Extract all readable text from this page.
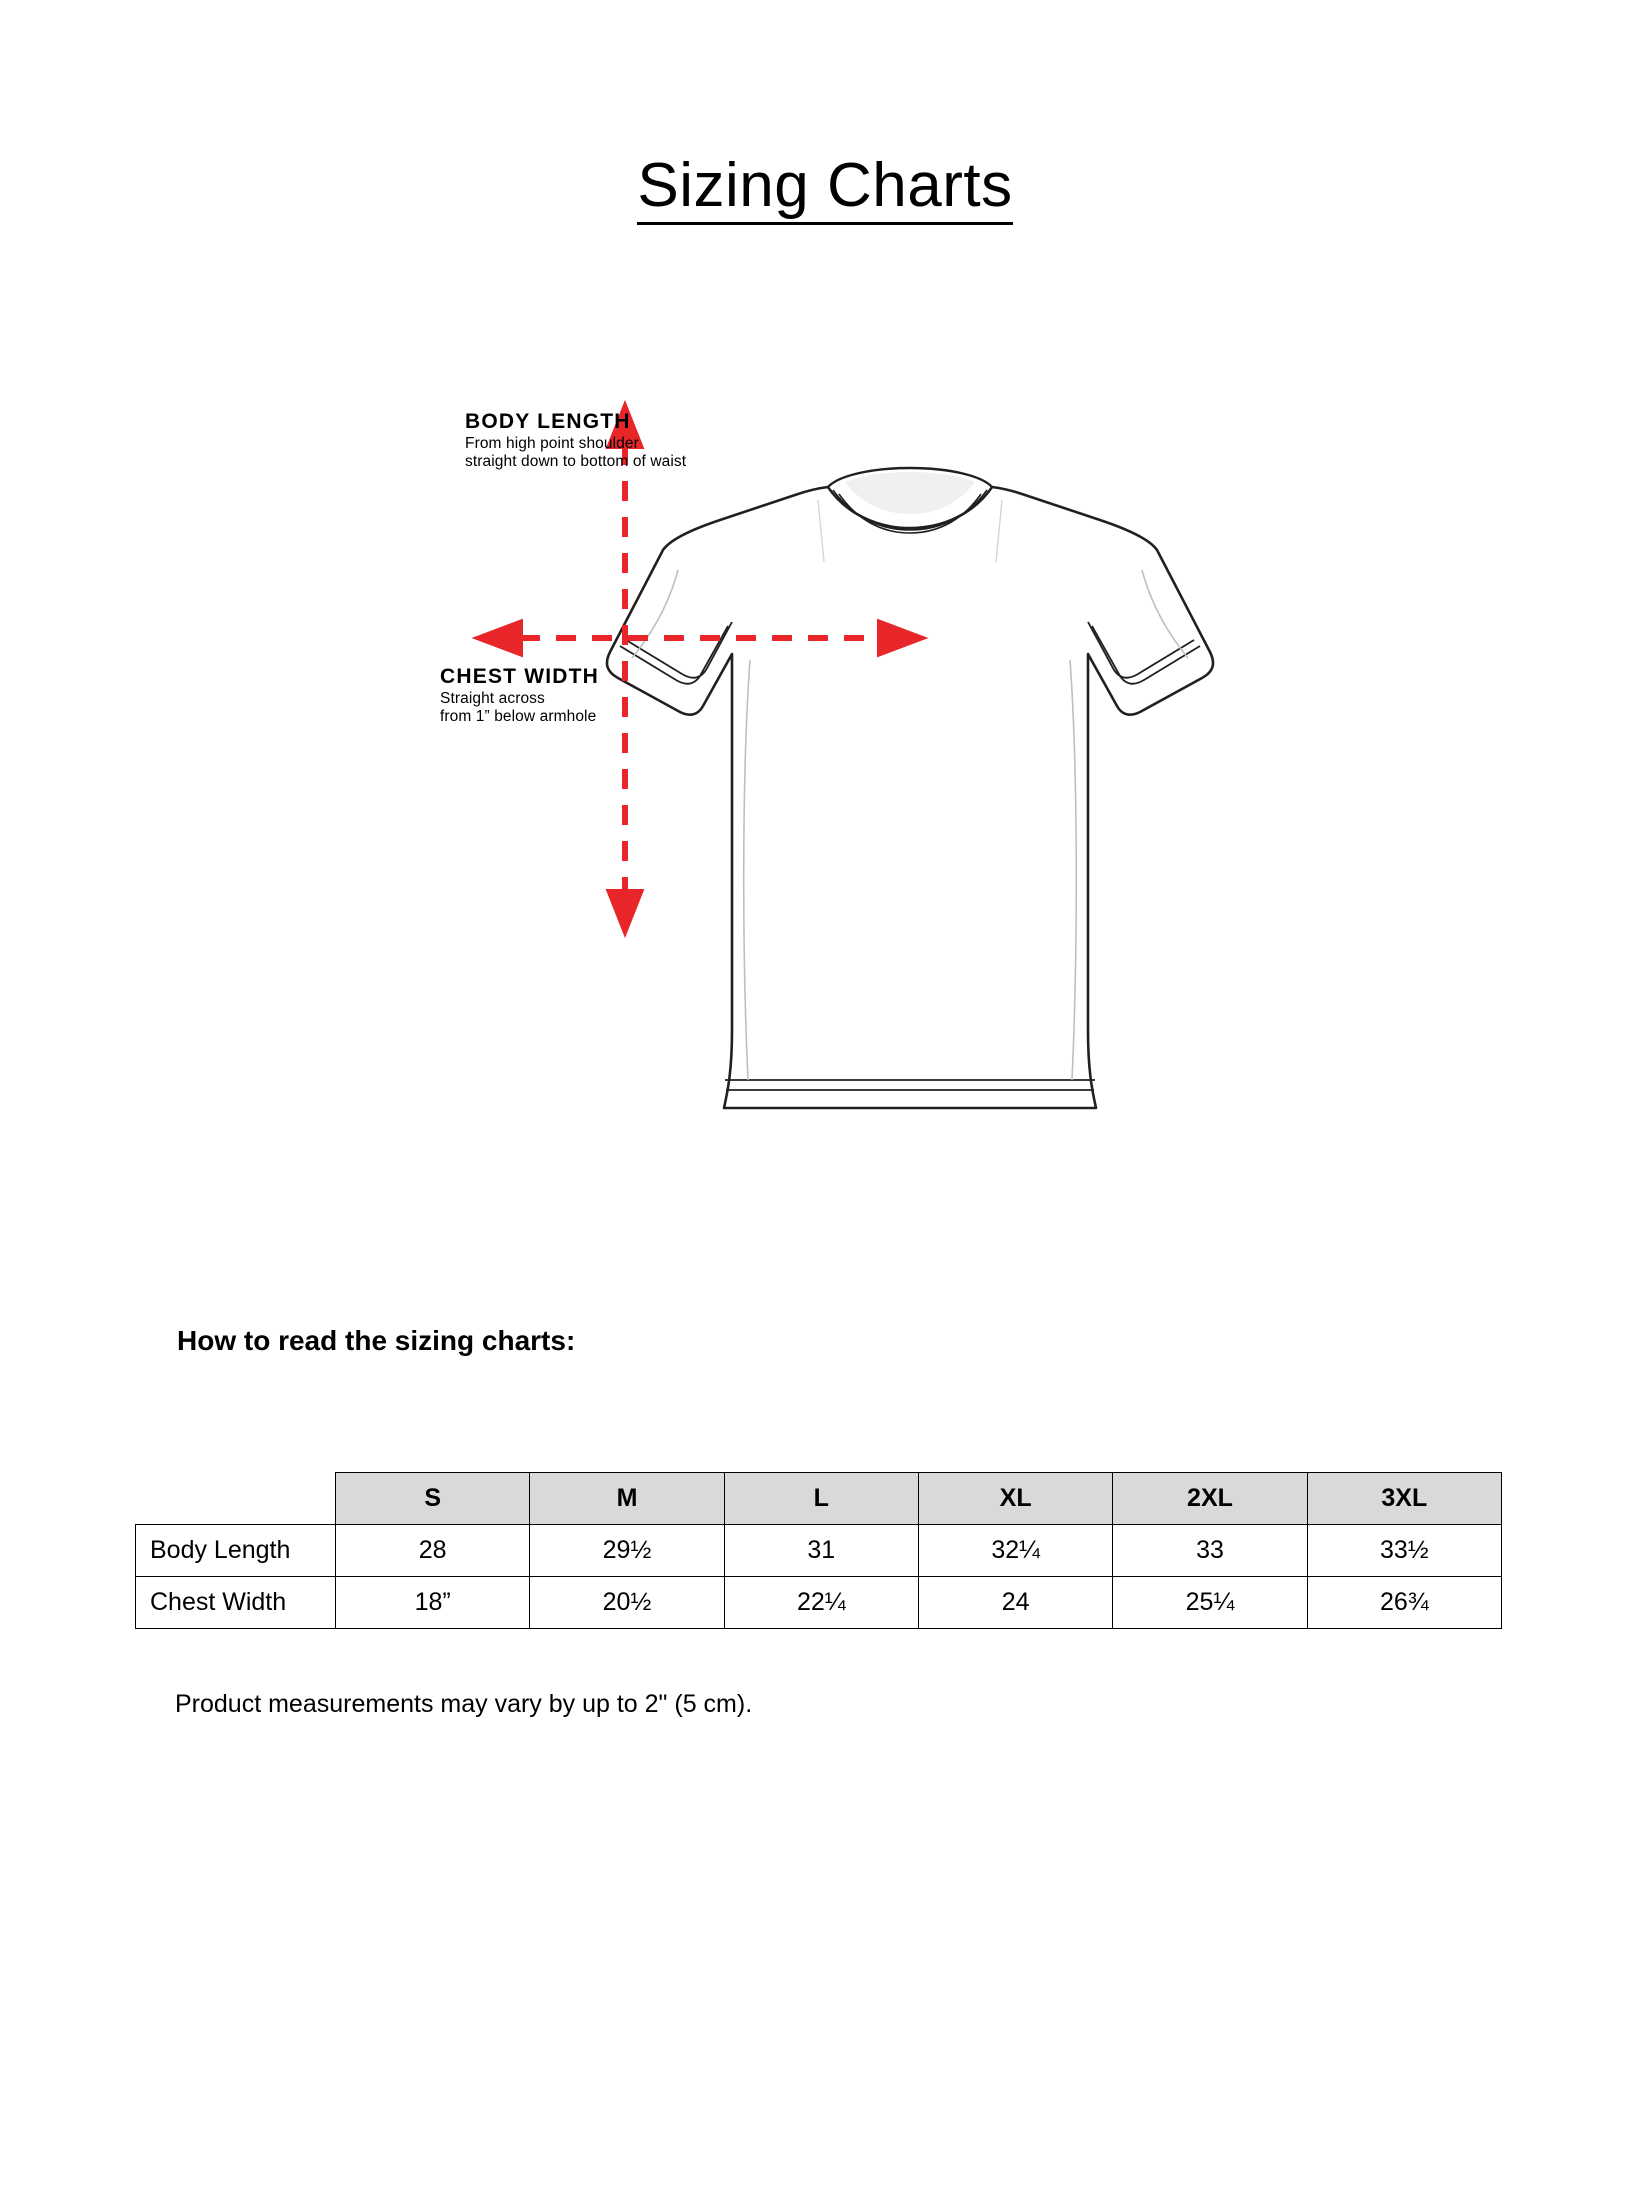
Sizing Charts
BODY LENGTH
From high point shoulder
straight down to bottom of waist
CHEST WIDTH
Straight across
from 1” below armhole
How to read the sizing charts:
	S	M	L	XL	2XL	3XL
Body Length	28	29½	31	32¼	33	33½
Chest Width	18”	20½	22¼	24	25¼	26¾
Product measurements may vary by up to 2" (5 cm).
